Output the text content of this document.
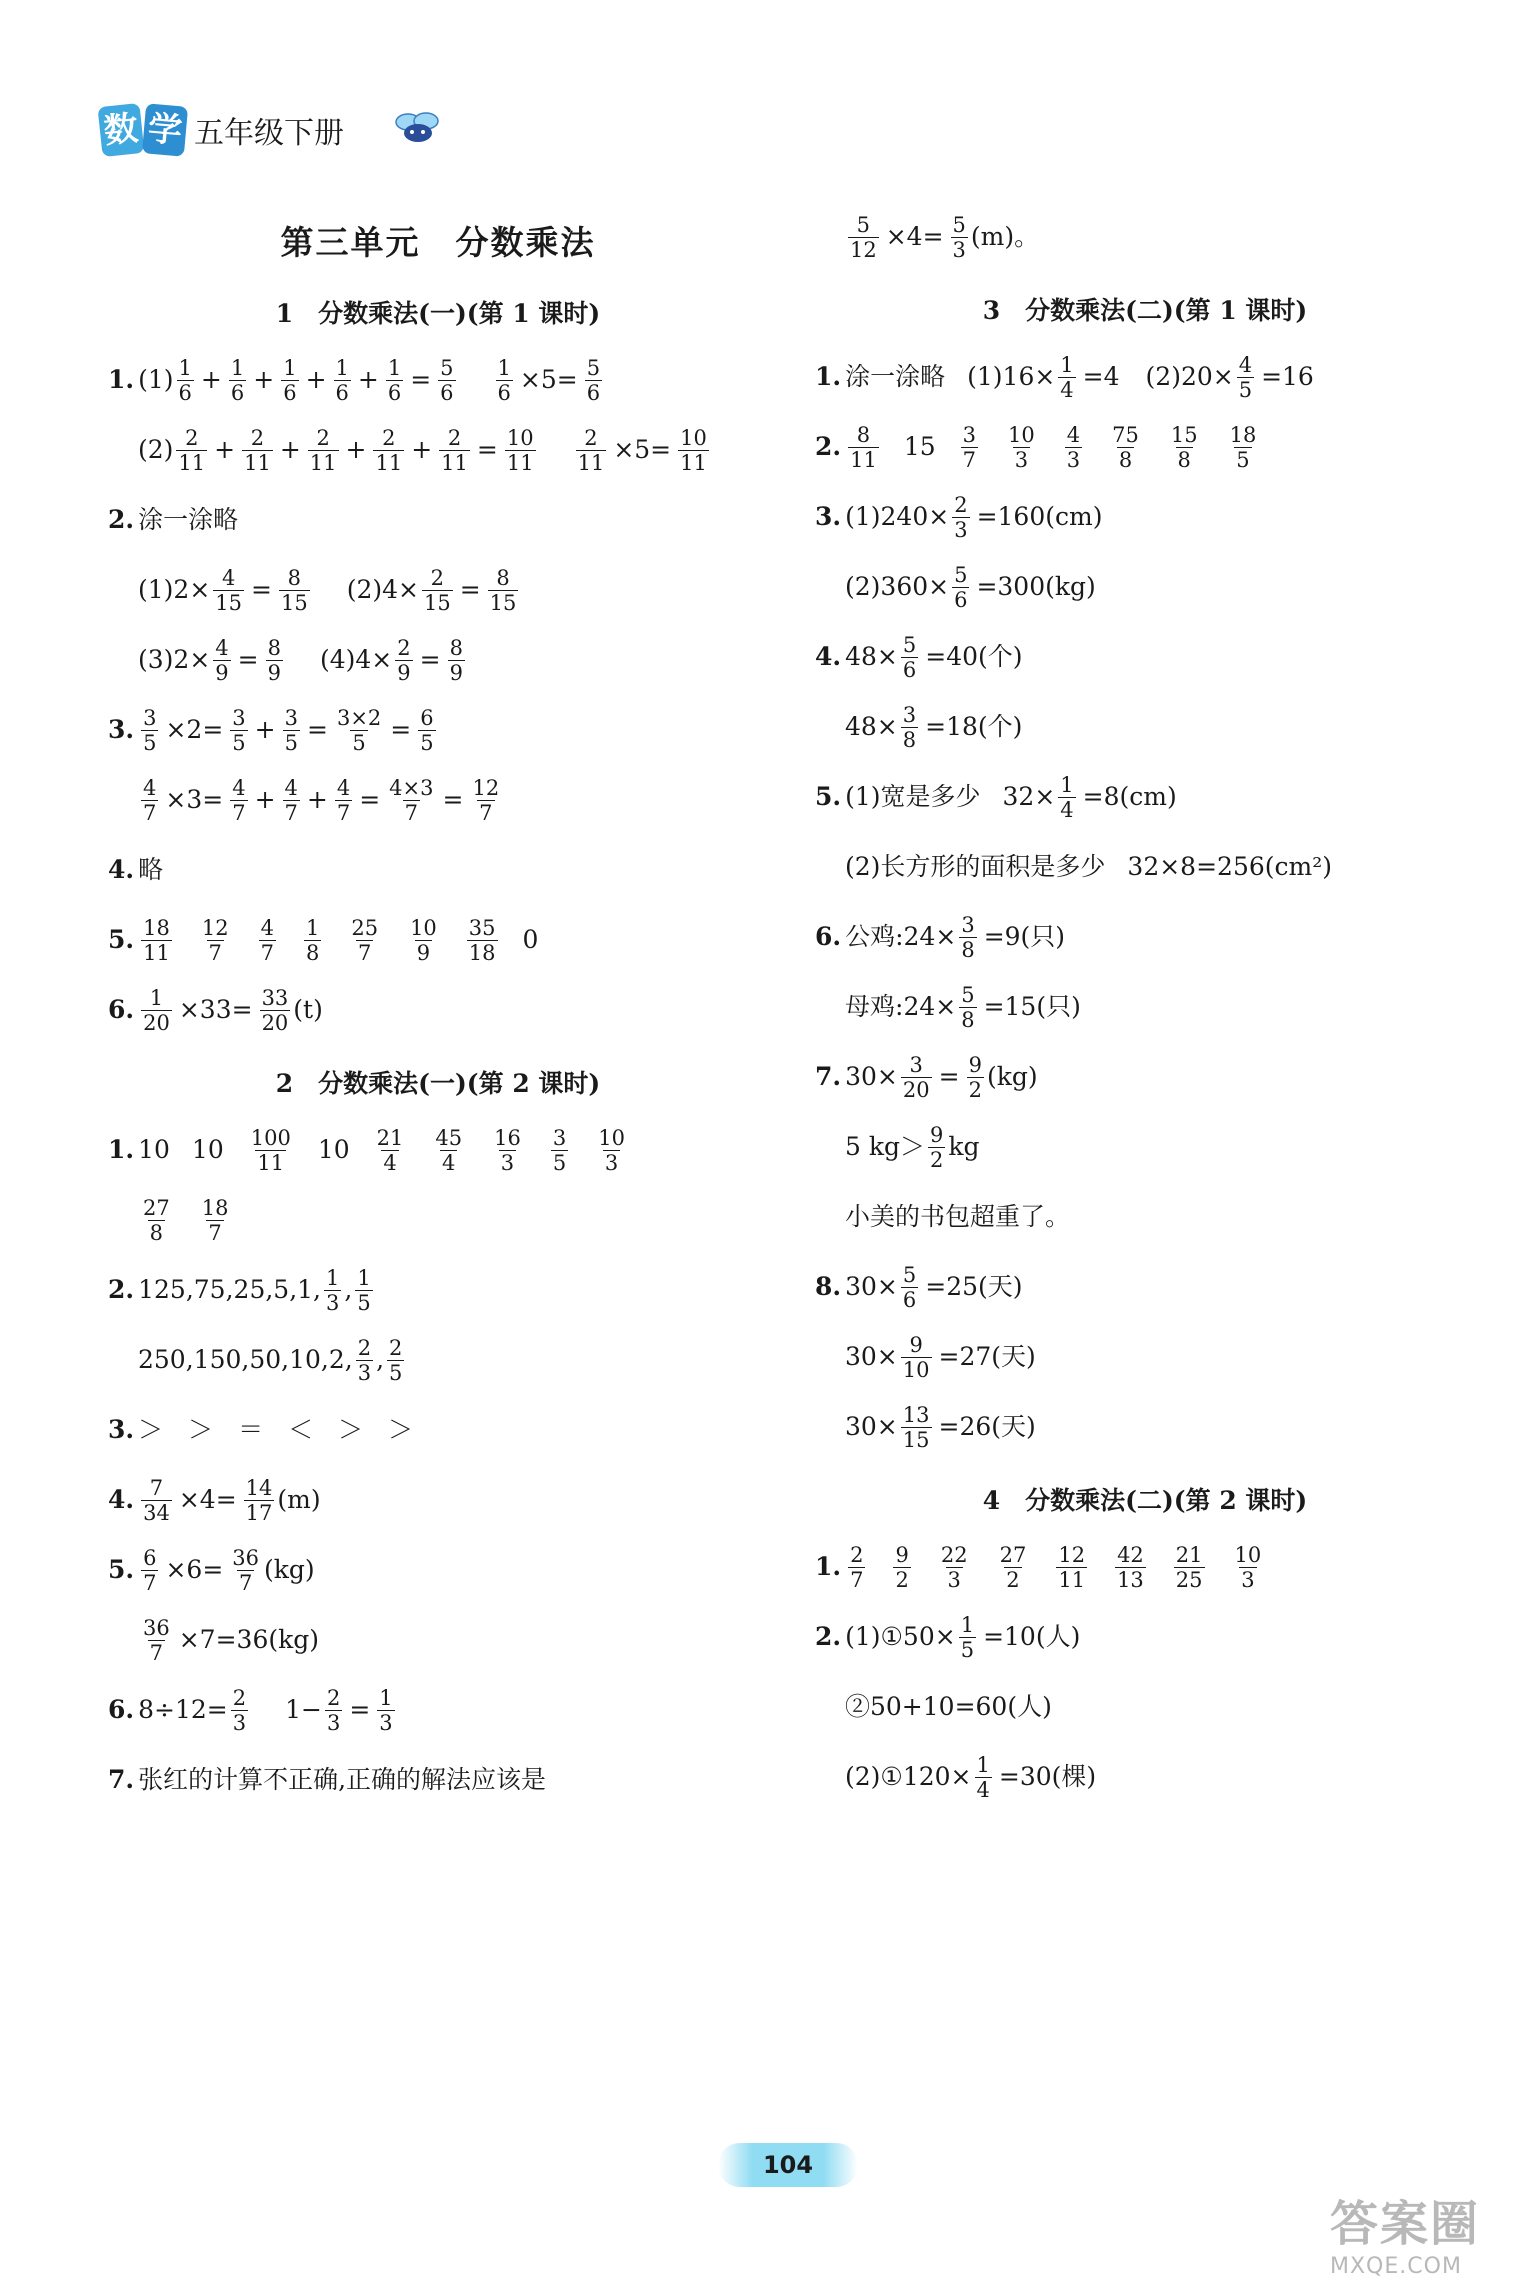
数 学 五年级下册
第三单元　分数乘法
1　分数乘法(一)(第 1 课时)
1. (1) 1
$6 + \frac{1}{6} + \frac{1}{6} + \frac{1}{6} + \frac{1}{6} = \frac{5}{6} \frac{1}{6} \times 5= \frac{5}{6}$
(2) 2
$11 + \frac{2}{11} + \frac{2}{11} + \frac{2}{11} + \frac{2}{11} = \frac{10}{11} \frac{2}{11} \times 5= \frac{10}{11}$
2. 涂一涂略
$(1)2\times \frac{4}{15} = \frac{8}{15} (2)4\times \frac{2}{15} = \frac{8}{15}$
$(3)2\times \frac{4}{9} = \frac{8}{9} (4)4\times \frac{2}{9} = \frac{8}{9}$
3. $\frac{3}{5} \times 2= \frac{3}{5} + \frac{3}{5} = \frac{3\times 2}{5} = \frac{6}{5}$
$\frac{4}{7} \times 3= \frac{4}{7} + \frac{4}{7} + \frac{4}{7} = \frac{4\times 3}{7} = \frac{12}{7}$
4. 略
5. 18
11
12
7
4
7
1
8
25
7
10
9
35
18 0
6. $\frac{1}{20} \times 33= \frac{33}{20} (t)$
2　分数乘法(一)(第 2 课时)
1. 10 10 100
11 10 21
4
45
4
16
3
3
5
10
3
27
8
18
7
2. 125,75,25,5,1, 1
3 , 1
5
250,150,50,10,2, 2
3 , 2
5
3. ＞　＞　＝　＜　＞　＞
4. $\frac{7}{34} \times 4= \frac{14}{17} (m)$
5. $\frac{6}{7} \times 6= \frac{36}{7} (kg)$
$\frac{36}{7} \times 7=36(kg)$
6. $8\div 12= \frac{2}{3} 1- \frac{2}{3} = \frac{1}{3}$
7. 张红的计算不正确,正确的解法应该是
$\frac{5}{12} \times 4= \frac{5}{3} (m)$。
3　分数乘法(二)(第 1 课时)
1. 涂一涂略 $(1)16\times \frac{1}{4} =4$ $(2)20\times \frac{4}{5} =16$
2. 8
11 15 3
7
10
3
4
3
75
8
15
8
18
5
3. $(1)240\times \frac{2}{3} =160(cm)$
$(2)360\times \frac{5}{6} =300(kg)$
4. $48\times \frac{5}{6} =40$(个)
$48\times \frac{3}{8} =18$(个)
5. (1)宽是多少 $32\times \frac{1}{4} =8(cm)$
(2)长方形的面积是多少 32×8=256(cm²)
6. 公鸡: $24\times \frac{3}{8} =9$(只)
母鸡: $24\times \frac{5}{8} =15$(只)
7. $30\times \frac{3}{20} = \frac{9}{2} (kg)$
5 kg＞ 9
2 kg
小美的书包超重了。
8. $30\times \frac{5}{6} =25$(天)
$30\times \frac{9}{10} =27$(天)
$30\times \frac{13}{15} =26$(天)
4　分数乘法(二)(第 2 课时)
1. 2
7
9
2
22
3
27
2
12
11
42
13
21
25
10
3
2. (1)①50× $\frac{1}{5} =10$(人)
②50+10=60(人)
(2)①120× $\frac{1}{4} =30$(棵)
104
答案圈
MXQE.COM
